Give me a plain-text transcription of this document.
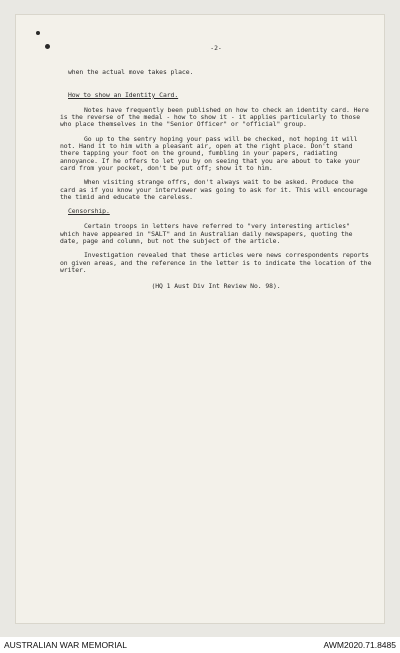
-2-
when the actual move takes place.
How to show an Identity Card.
Notes have frequently been published on how to check an identity card. Here is the reverse of the medal - how to show it - it applies particularly to those who place themselves in the "Senior Officer" or "official" group.
Go up to the sentry hoping your pass will be checked, not hoping it will not. Hand it to him with a pleasant air, open at the right place. Don't stand there tapping your foot on the ground, fumbling in your papers, radiating annoyance. If he offers to let you by on seeing that you are about to take your card from your pocket, don't be put off; show it to him.
When visiting strange offrs, don't always wait to be asked. Produce the card as if you know your interviewer was going to ask for it. This will encourage the timid and educate the careless.
Censorship.
Certain troops in letters have referred to "very interesting articles" which have appeared in "SALT" and in Australian daily newspapers, quoting the date, page and column, but not the subject of the article.
Investigation revealed that these articles were news correspondents reports on given areas, and the reference in the letter is to indicate the location of the writer.
(HQ 1 Aust Div Int Review No. 98).
AUSTRALIAN WAR MEMORIAL	AWM2020.71.8485
